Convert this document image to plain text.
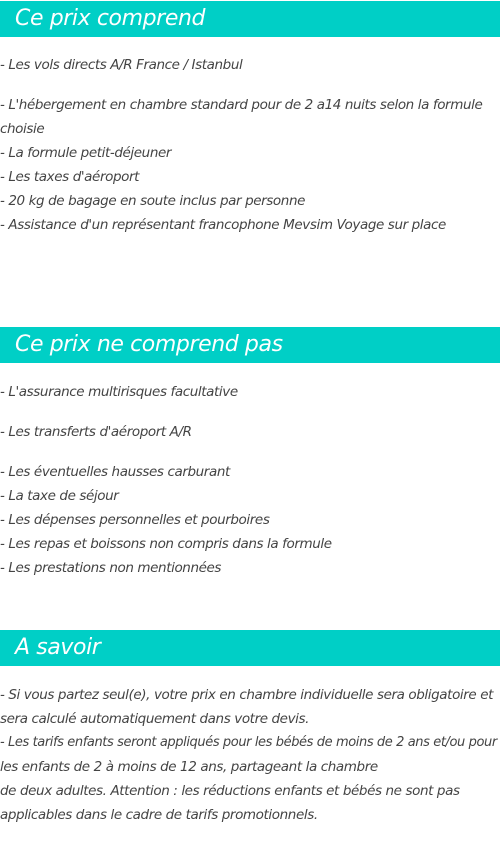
Ce prix comprend
- Les vols directs A/R France / Istanbul
- L'hébergement en chambre standard pour de 2 a14 nuits selon la formule
choisie
- La formule petit-déjeuner
- Les taxes d'aéroport
- 20 kg de bagage en soute inclus par personne
- Assistance d'un représentant francophone Mevsim Voyage sur place
Ce prix ne comprend pas
- L'assurance multirisques facultative
- Les transferts d'aéroport A/R
- Les éventuelles hausses carburant
- La taxe de séjour
- Les dépenses personnelles et pourboires
- Les repas et boissons non compris dans la formule
- Les prestations non mentionnées
A savoir
- Si vous partez seul(e), votre prix en chambre individuelle sera obligatoire et
sera calculé automatiquement dans votre devis.
- Les tarifs enfants seront appliqués pour les bébés de moins de 2 ans et/ou pour
les enfants de 2 à moins de 12 ans, partageant la chambre
de deux adultes. Attention : les réductions enfants et bébés ne sont pas
applicables dans le cadre de tarifs promotionnels.
